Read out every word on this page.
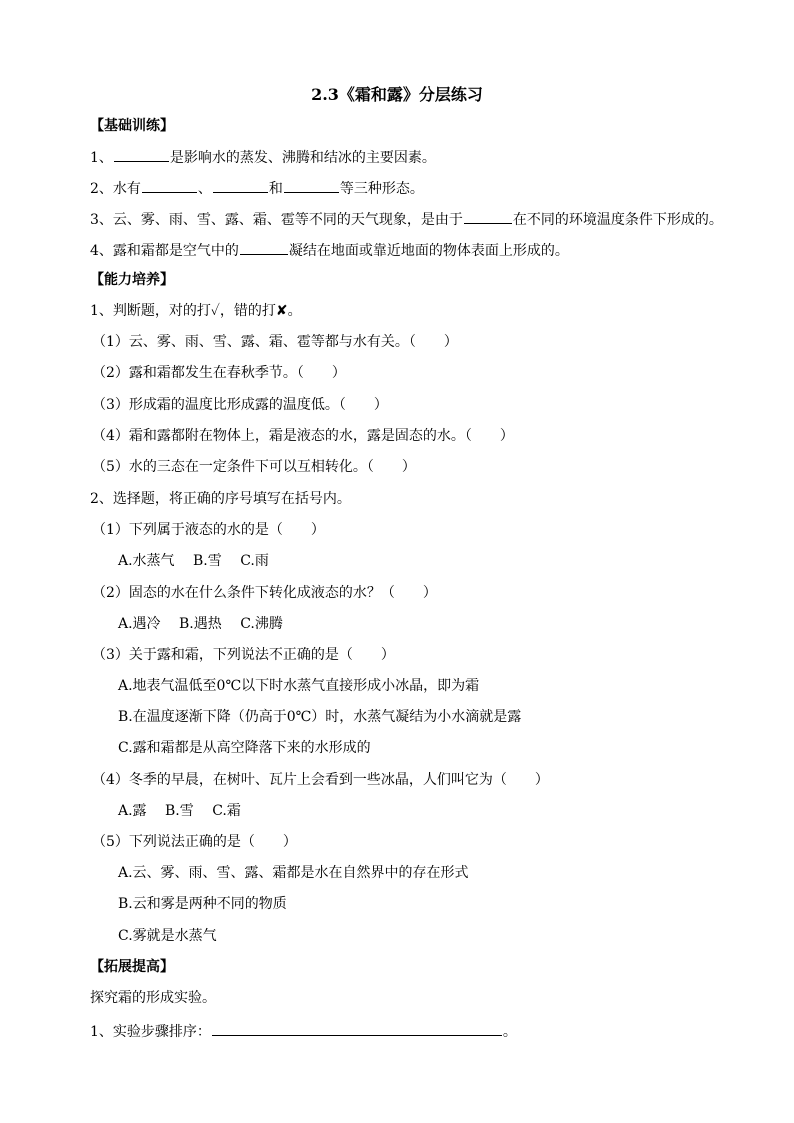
2.3《霜和露》分层练习
【基础训练】
1、	是影响水的蒸发、沸腾和结冰的主要因素。
2、水有	、	和	等三种形态。
3、云、雾、雨、雪、露、霜、雹等不同的天气现象，是由于	在不同的环境温度条件下形成的。
4、露和霜都是空气中的	凝结在地面或靠近地面的物体表面上形成的。
【能力培养】
1、判断题，对的打✓，错的打✘。
（1）云、雾、雨、雪、露、霜、雹等都与水有关。（　　）
（2）露和霜都发生在春秋季节。（　　）
（3）形成霜的温度比形成露的温度低。（　　）
（4）霜和露都附在物体上，霜是液态的水，露是固态的水。（　　）
（5）水的三态在一定条件下可以互相转化。（　　）
2、选择题，将正确的序号填写在括号内。
（1）下列属于液态的水的是（　　）
A.水蒸气　 B.雪　 C.雨
（2）固态的水在什么条件下转化成液态的水？（　　）
A.遇冷　 B.遇热　 C.沸腾
（3）关于露和霜，下列说法不正确的是（　　）
A.地表气温低至0℃以下时水蒸气直接形成小冰晶，即为霜
B.在温度逐渐下降（仍高于0℃）时，水蒸气凝结为小水滴就是露
C.露和霜都是从高空降落下来的水形成的
（4）冬季的早晨，在树叶、瓦片上会看到一些冰晶，人们叫它为（　　）
A.露　 B.雪　 C.霜
（5）下列说法正确的是（　　）
A.云、雾、雨、雪、露、霜都是水在自然界中的存在形式
B.云和雾是两种不同的物质
C.雾就是水蒸气
【拓展提高】
探究霜的形成实验。
1、实验步骤排序：	。
